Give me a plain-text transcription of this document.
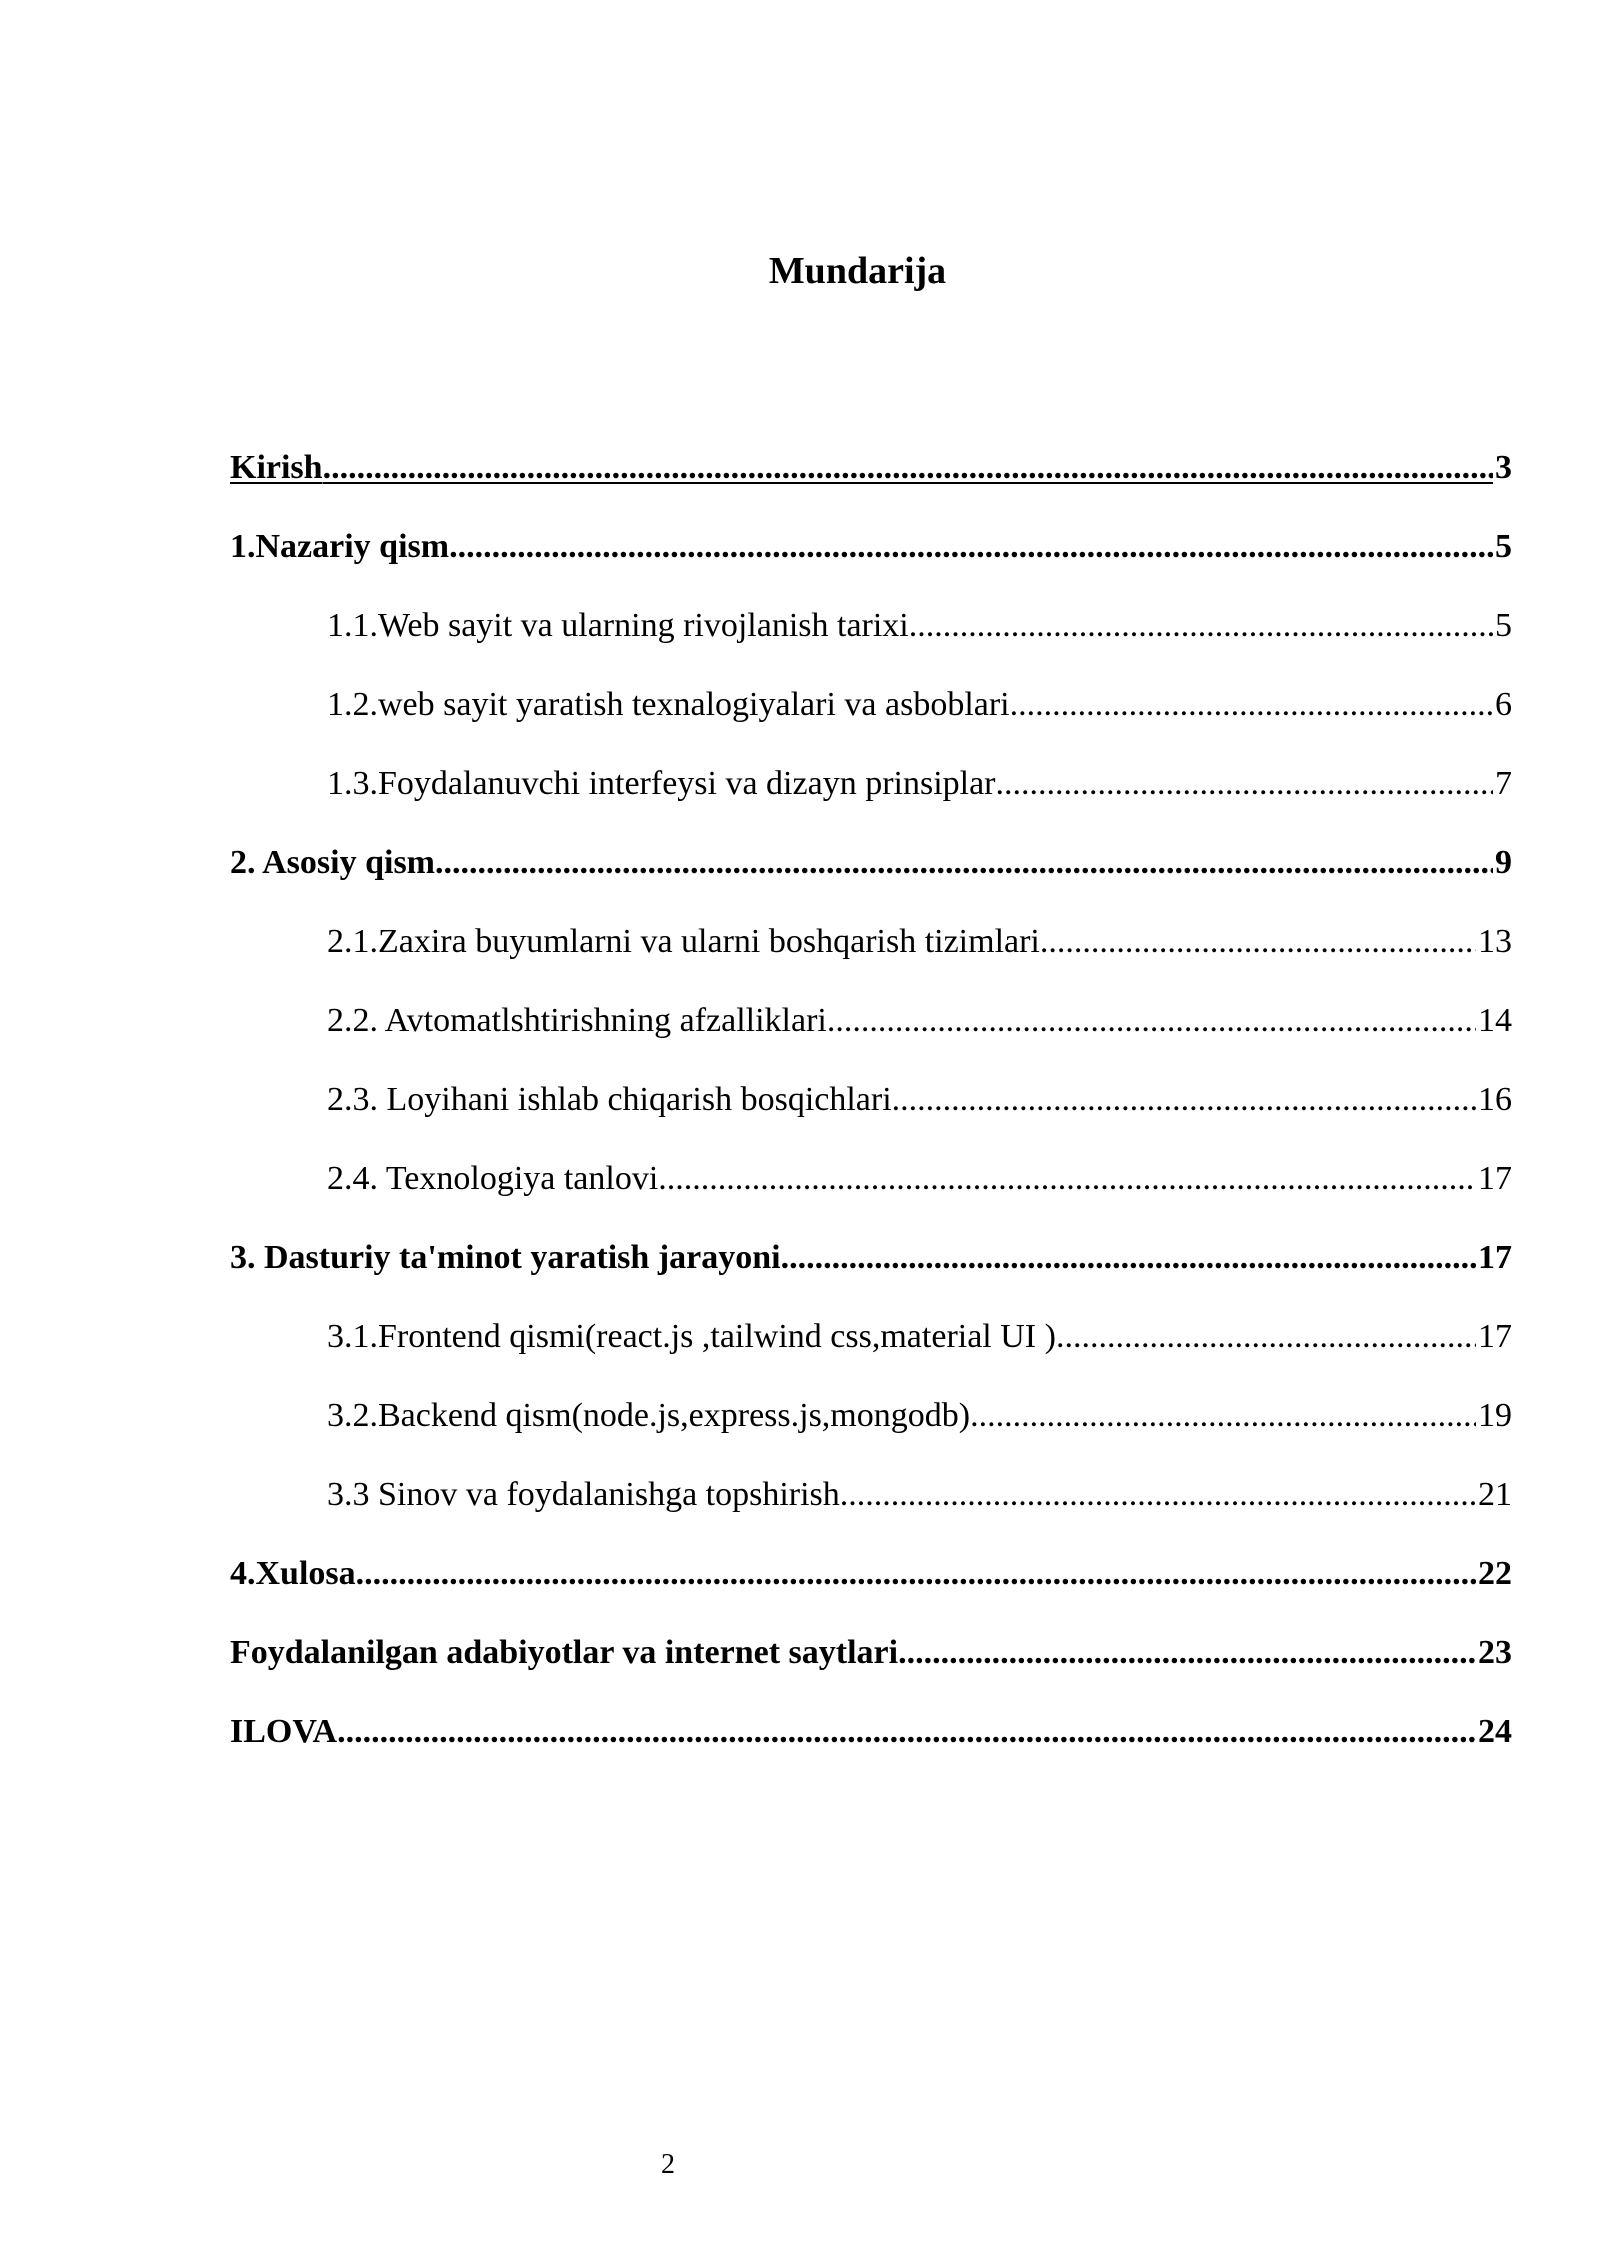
Mundarija
Kirish .....	3
1.Nazariy qism .....	5
1.1.Web sayit va ularning rivojlanish tarixi .....	5
1.2.web sayit yaratish texnalogiyalari va asboblari .....	6
1.3.Foydalanuvchi interfeysi va dizayn prinsiplar .....	7
2. Asosiy qism .....	9
2.1.Zaxira buyumlarni va ularni boshqarish tizimlari .....	13
2.2. Avtomatlshtirishning afzalliklari .....	14
2.3. Loyihani ishlab chiqarish bosqichlari .....	16
2.4. Texnologiya tanlovi .....	17
3. Dasturiy ta'minot yaratish jarayoni .....	17
3.1.Frontend qismi(react.js ,tailwind css,material UI ) .....	17
3.2.Backend qism(node.js,express.js,mongodb) .....	19
3.3 Sinov va foydalanishga topshirish .....	21
4.Xulosa .....	22
Foydalanilgan adabiyotlar va internet saytlari .....	23
ILOVA .....	24
2
